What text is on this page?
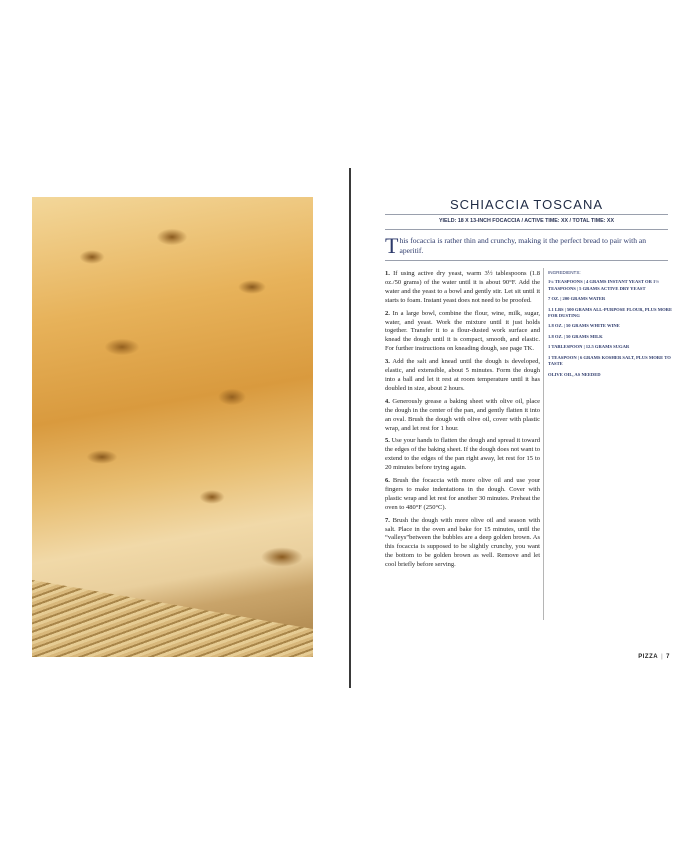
SCHIACCIA TOSCANA
YIELD: 18 X 13-INCH FOCACCIA / ACTIVE TIME: XX / TOTAL TIME: XX
This focaccia is rather thin and crunchy, making it the perfect bread to pair with an aperitif.

1. If using active dry yeast, warm 3½ tablespoons (1.8 oz./50 grams) of the water until it is about 90°F. Add the water and the yeast to a bowl and gently stir. Let sit until it starts to foam. Instant yeast does not need to be proofed.

2. In a large bowl, combine the flour, wine, milk, sugar, water, and yeast. Work the mixture until it just holds together. Transfer it to a flour-dusted work surface and knead the dough until it is compact, smooth, and elastic. For further instructions on kneading dough, see page TK.

3. Add the salt and knead until the dough is developed, elastic, and extensible, about 5 minutes. Form the dough into a ball and let it rest at room temperature until it has doubled in size, about 2 hours.

4. Generously grease a baking sheet with olive oil, place the dough in the center of the pan, and gently flatten it into an oval. Brush the dough with olive oil, cover with plastic wrap, and let rest for 1 hour.

5. Use your hands to flatten the dough and spread it toward the edges of the baking sheet. If the dough does not want to extend to the edges of the pan right away, let rest for 15 to 20 minutes before trying again.

6. Brush the focaccia with more olive oil and use your fingers to make indentations in the dough. Cover with plastic wrap and let rest for another 30 minutes. Preheat the oven to 480°F (250°C).

7. Brush the dough with more olive oil and season with salt. Place in the oven and bake for 15 minutes, until the “valleys”between the bubbles are a deep golden brown. As this focaccia is supposed to be slightly crunchy, you want the bottom to be golden brown as well. Remove and let cool briefly before serving.

INGREDIENTS:

1¼ TEASPOONS | 4 GRAMS INSTANT YEAST OR 1½ TEASPOONS | 5 GRAMS ACTIVE DRY YEAST

7 OZ. | 200 GRAMS WATER

1.1 LBS | 500 GRAMS ALL-PURPOSE FLOUR, PLUS MORE FOR DUSTING

1.8 OZ. | 50 GRAMS WHITE WINE

1.8 OZ. | 50 GRAMS MILK

1 TABLESPOON | 12.5 GRAMS SUGAR

1 TEASPOON | 6 GRAMS KOSHER SALT, PLUS MORE TO TASTE

OLIVE OIL, AS NEEDED

PIZZA | 7
